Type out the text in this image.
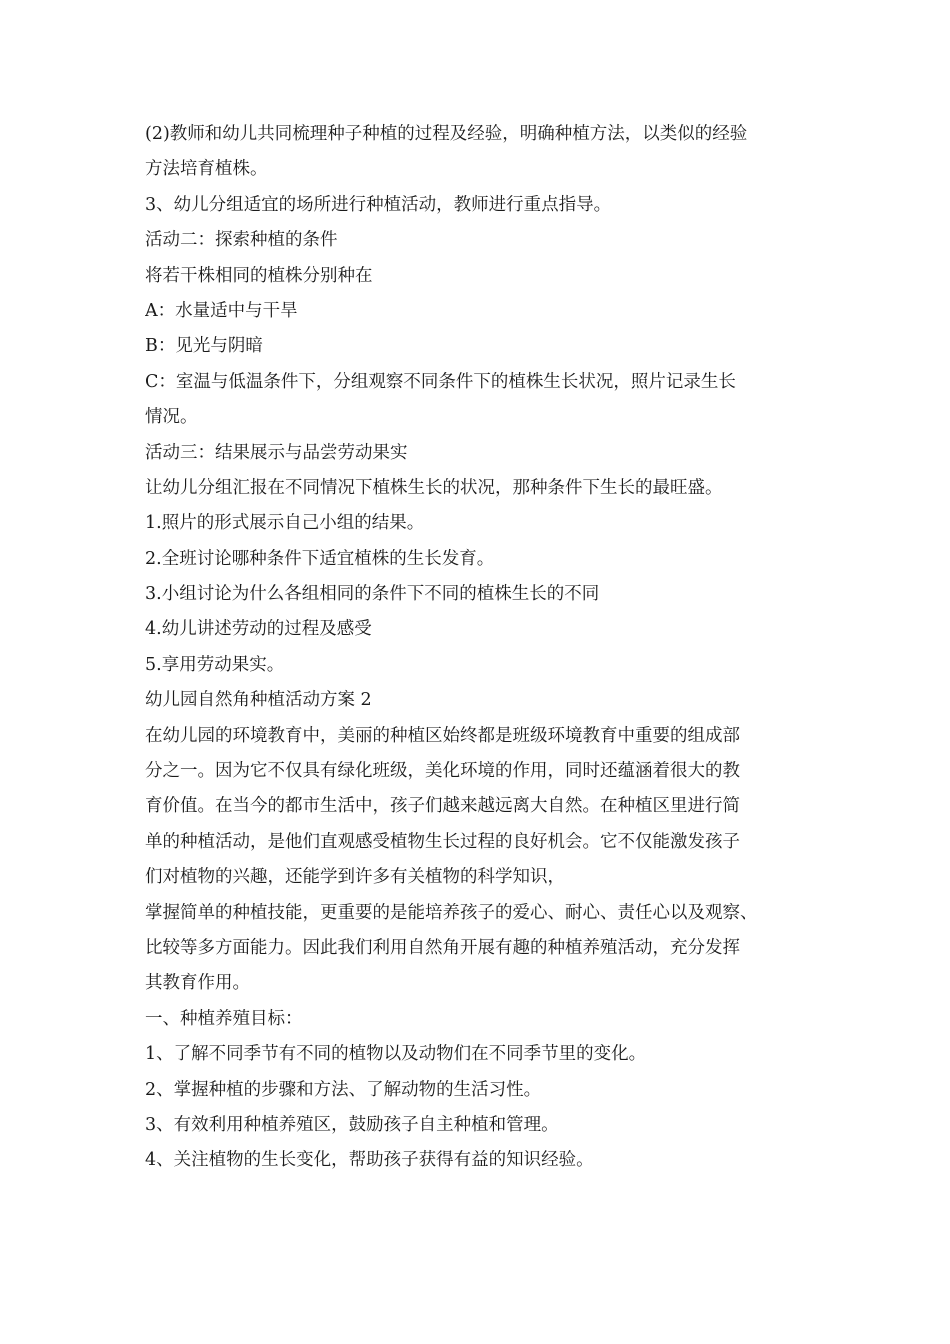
(2)教师和幼儿共同梳理种子种植的过程及经验，明确种植方法，以类似的经验
方法培育植株。
3、幼儿分组适宜的场所进行种植活动，教师进行重点指导。
活动二：探索种植的条件
将若干株相同的植株分别种在
A：水量适中与干旱
B：见光与阴暗
C：室温与低温条件下，分组观察不同条件下的植株生长状况，照片记录生长
情况。
活动三：结果展示与品尝劳动果实
让幼儿分组汇报在不同情况下植株生长的状况，那种条件下生长的最旺盛。
1.照片的形式展示自己小组的结果。
2.全班讨论哪种条件下适宜植株的生长发育。
3.小组讨论为什么各组相同的条件下不同的植株生长的不同
4.幼儿讲述劳动的过程及感受
5.享用劳动果实。
幼儿园自然角种植活动方案 2
在幼儿园的环境教育中，美丽的种植区始终都是班级环境教育中重要的组成部
分之一。因为它不仅具有绿化班级，美化环境的作用，同时还蕴涵着很大的教
育价值。在当今的都市生活中，孩子们越来越远离大自然。在种植区里进行简
单的种植活动，是他们直观感受植物生长过程的良好机会。它不仅能激发孩子
们对植物的兴趣，还能学到许多有关植物的科学知识，
掌握简单的种植技能，更重要的是能培养孩子的爱心、耐心、责任心以及观察、
比较等多方面能力。因此我们利用自然角开展有趣的种植养殖活动，充分发挥
其教育作用。
一、种植养殖目标：
1、了解不同季节有不同的植物以及动物们在不同季节里的变化。
2、掌握种植的步骤和方法、了解动物的生活习性。
3、有效利用种植养殖区，鼓励孩子自主种植和管理。
4、关注植物的生长变化，帮助孩子获得有益的知识经验。
